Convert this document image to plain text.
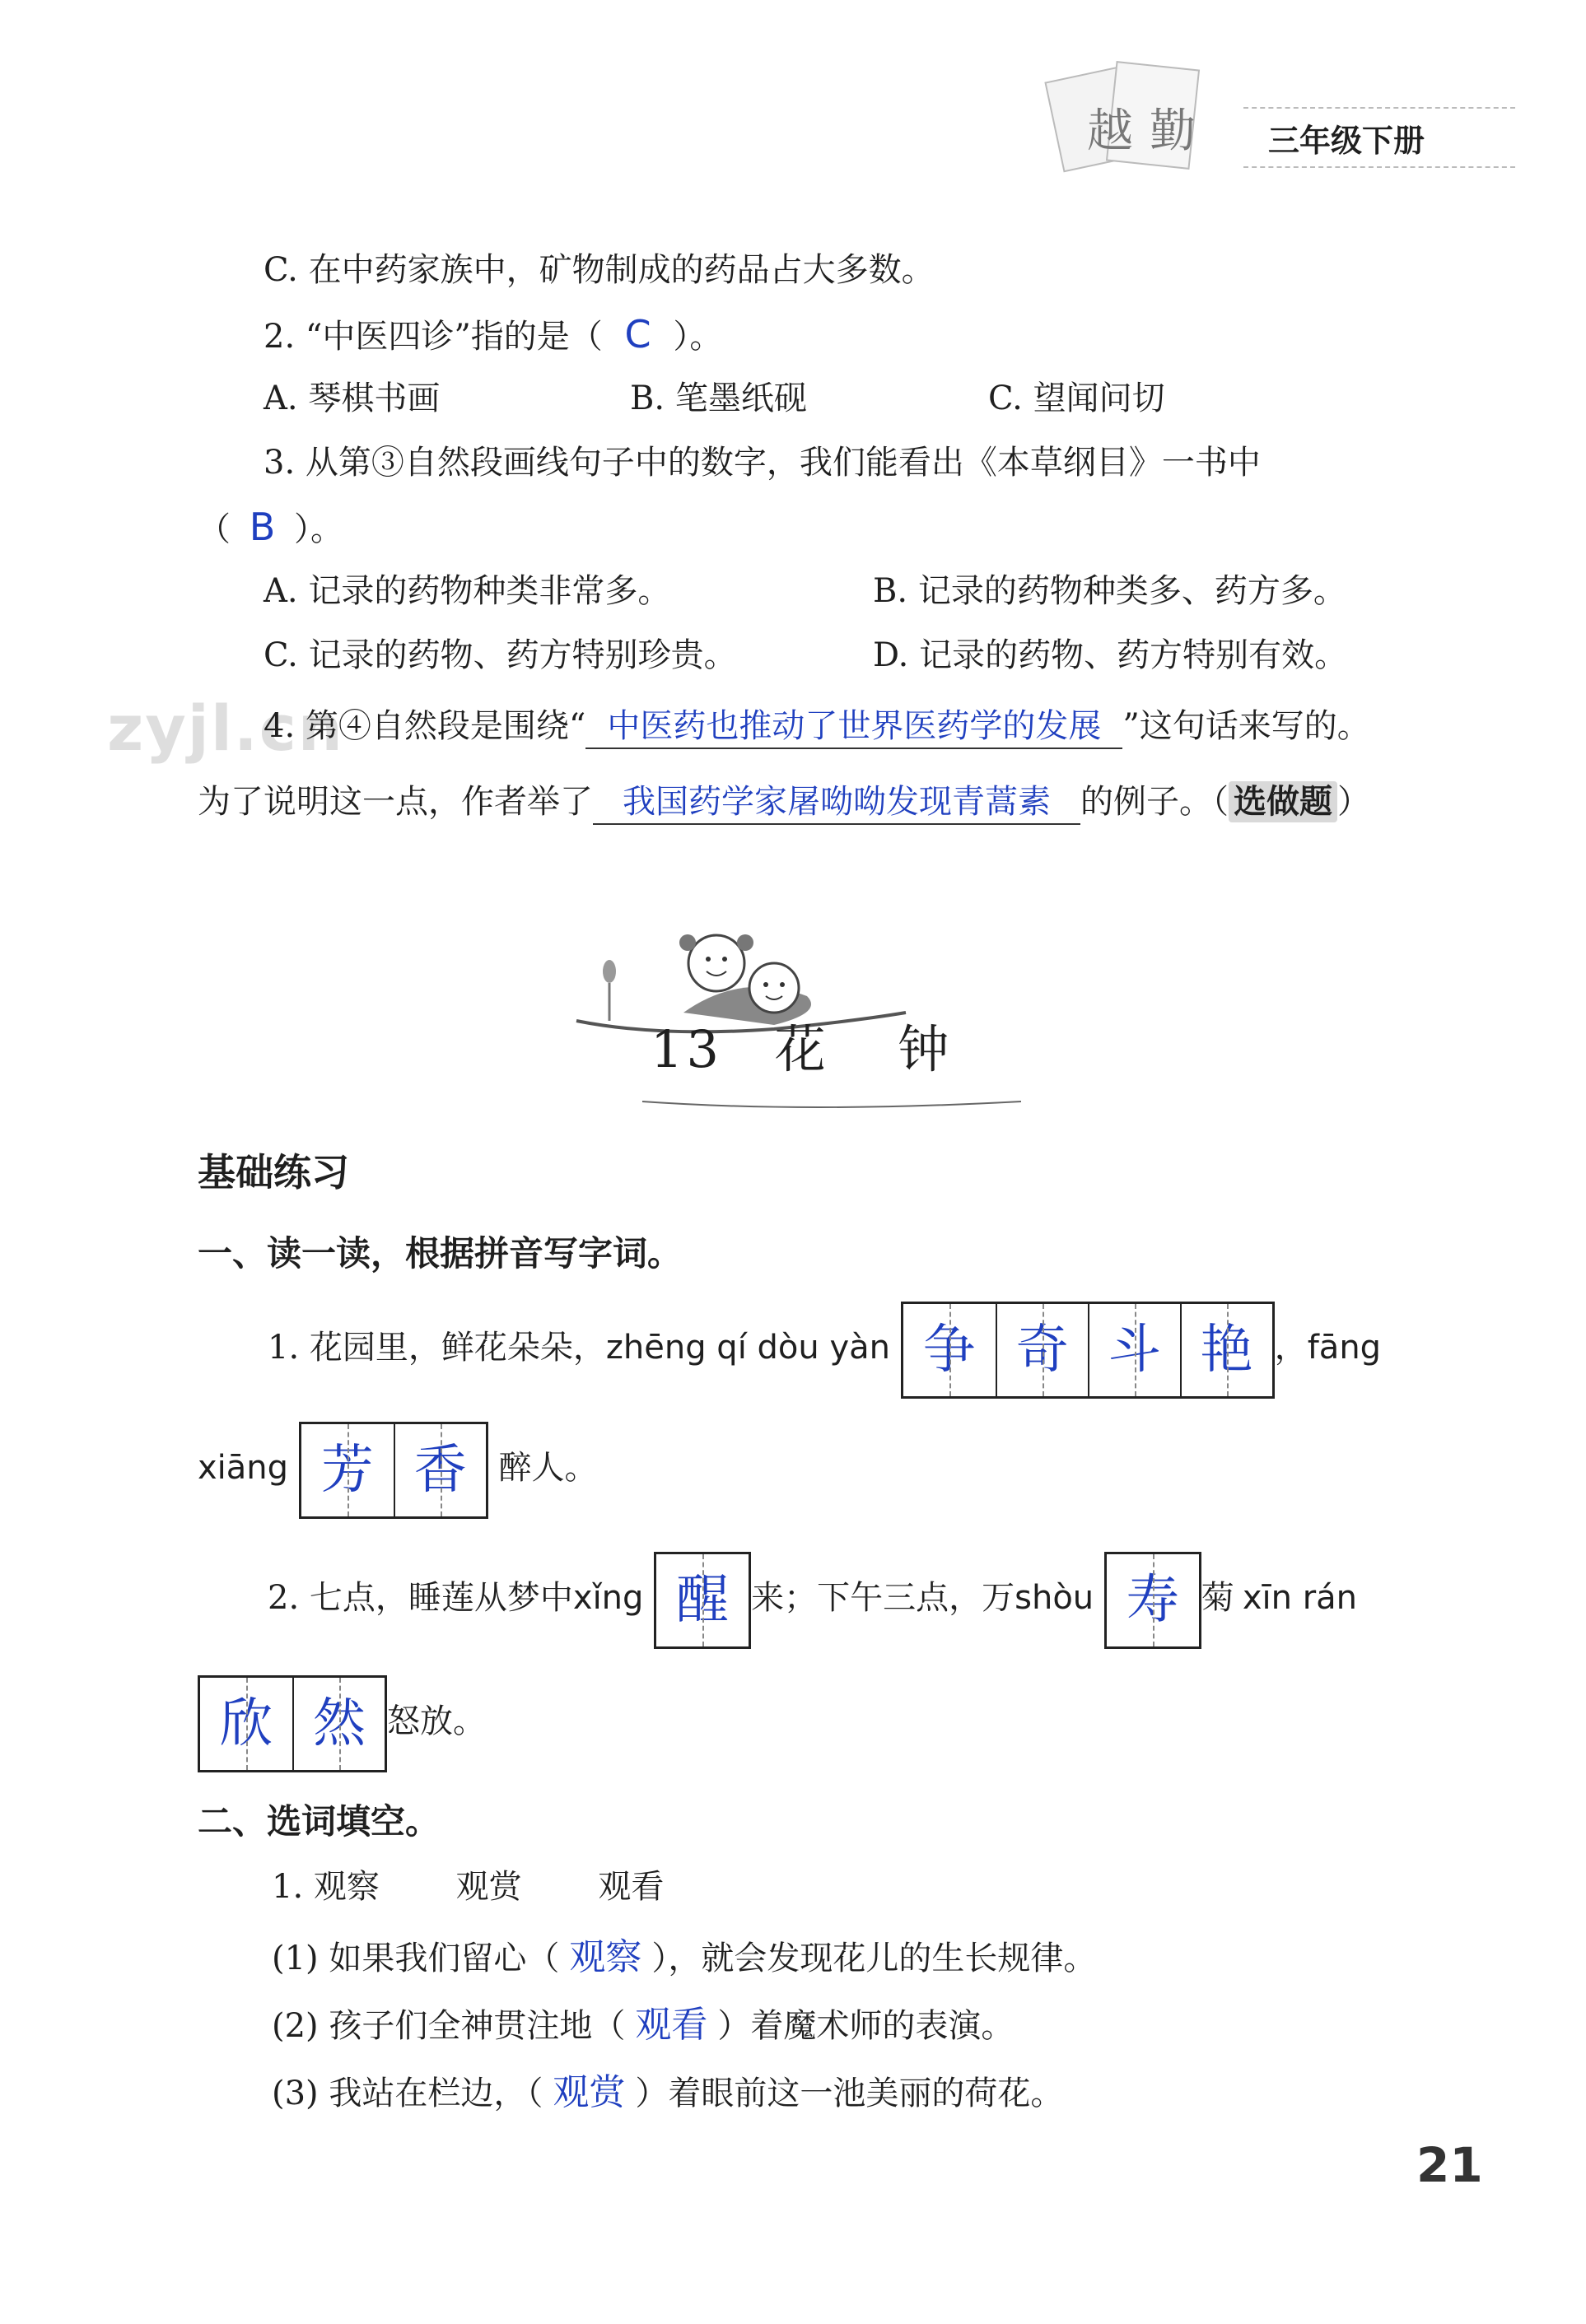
越勤 三年级下册
zyjl.cn
C. 在中药家族中，矿物制成的药品占大多数。
2. “中医四诊”指的是（ C ）。
A. 琴棋书画	B. 笔墨纸砚	C. 望闻问切
3. 从第③自然段画线句子中的数字，我们能看出《本草纲目》一书中
（ B ）。
A. 记录的药物种类非常多。	B. 记录的药物种类多、药方多。
C. 记录的药物、药方特别珍贵。	D. 记录的药物、药方特别有效。
4. 第④自然段是围绕“ 中医药也推动了世界医药学的发展 ”这句话来写的。
为了说明这一点，作者举了 我国药学家屠呦呦发现青蒿素 的例子。（ 选做题 ）
13 花 钟
基础练习
一、读一读，根据拼音写字词。
1. 花园里，鲜花朵朵，zhēng qí dòu yàn 争 奇 斗 艳 ，fāng
xiāng 芳 香 醉人。
2. 七点，睡莲从梦中xǐng 醒 来；下午三点，万shòu 寿 菊 xīn rán
欣 然 怒放。
二、选词填空。
1. 观察 观赏 观看
(1) 如果我们留心（ 观察 ），就会发现花儿的生长规律。
(2) 孩子们全神贯注地（ 观看 ）着魔术师的表演。
(3) 我站在栏边，（ 观赏 ）着眼前这一池美丽的荷花。
21
